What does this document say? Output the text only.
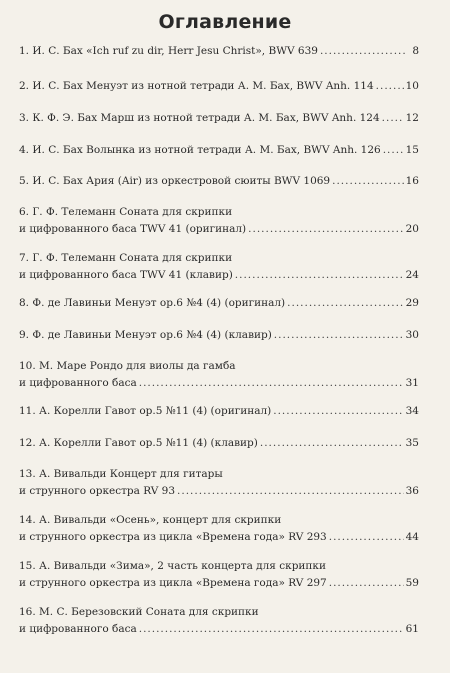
Оглавление
1. И. С. Бах «Ich ruf zu dir, Herr Jesu Christ», BWV 639 .....	8
2. И. С. Бах Менуэт из нотной тетради А. М. Бах, BWV Anh. 114 .....	10
3. К. Ф. Э. Бах Марш из нотной тетради А. М. Бах, BWV Anh. 124 ..... 12
4. И. С. Бах Волынка из нотной тетради А. М. Бах, BWV Anh. 126 ..... 15
5. И. С. Бах Ария (Air) из оркестровой сюиты BWV 1069 .....	16
6. Г. Ф. Телеманн Соната для скрипки
и цифрованного баса TWV 41 (оригинал) .....	20
7. Г. Ф. Телеманн Соната для скрипки
и цифрованного баса TWV 41 (клавир) .....	24
8. Ф. де Лавиньи Менуэт ор.6 №4 (4) (оригинал) .....	29
9. Ф. де Лавиньи Менуэт ор.6 №4 (4) (клавир) .....	30
10. М. Маре Рондо для виолы да гамба
и цифрованного баса .....	31
11. А. Корелли Гавот ор.5 №11 (4) (оригинал) .....	34
12. А. Корелли Гавот ор.5 №11 (4) (клавир) .....	35
13. А. Вивальди Концерт для гитары
и струнного оркестра RV 93 .....	36
14. А. Вивальди «Осень», концерт для скрипки
и струнного оркестра из цикла «Времена года» RV 293 .....	44
15. А. Вивальди «Зима», 2 часть концерта для скрипки
и струнного оркестра из цикла «Времена года» RV 297 .....	59
16. М. С. Березовский Соната для скрипки
и цифрованного баса .....	61
